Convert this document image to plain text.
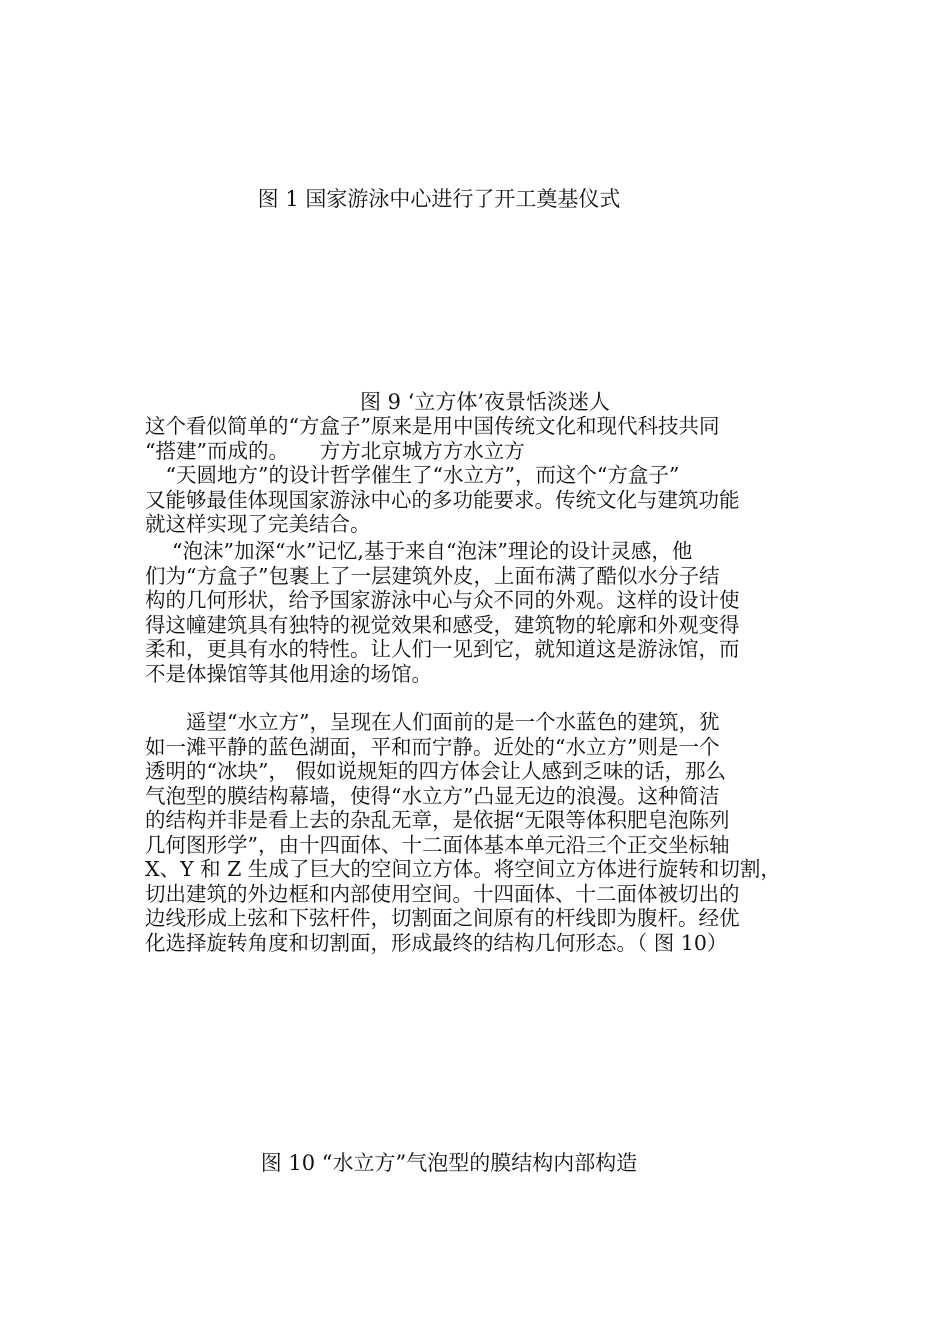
图 1 国家游泳中心进行了开工奠基仪式
图 9 ‘立方体’夜景恬淡迷人
这个看似简单的“方盒子”原来是用中国传统文化和现代科技共同
“搭建”而成的。　　方方北京城方方水立方
　“天圆地方”的设计哲学催生了“水立方”，而这个“方盒子”
又能够最佳体现国家游泳中心的多功能要求。传统文化与建筑功能
就这样实现了完美结合。
　 “泡沫”加深“水”记忆,基于来自“泡沫”理论的设计灵感，他
们为“方盒子”包裹上了一层建筑外皮，上面布满了酷似水分子结
构的几何形状，给予国家游泳中心与众不同的外观。这样的设计使
得这幢建筑具有独特的视觉效果和感受，建筑物的轮廓和外观变得
柔和，更具有水的特性。让人们一见到它，就知道这是游泳馆，而
不是体操馆等其他用途的场馆。
　　遥望“水立方”，呈现在人们面前的是一个水蓝色的建筑，犹
如一滩平静的蓝色湖面，平和而宁静。近处的“水立方”则是一个
透明的“冰块”， 假如说规矩的四方体会让人感到乏味的话，那么
气泡型的膜结构幕墙，使得“水立方”凸显无边的浪漫。这种简洁
的结构并非是看上去的杂乱无章，是依据“无限等体积肥皂泡陈列
几何图形学”，由十四面体、十二面体基本单元沿三个正交坐标轴
X、Y 和 Z 生成了巨大的空间立方体。将空间立方体进行旋转和切割，
切出建筑的外边框和内部使用空间。十四面体、十二面体被切出的
边线形成上弦和下弦杆件，切割面之间原有的杆线即为腹杆。经优
化选择旋转角度和切割面，形成最终的结构几何形态。（ 图 10）
图 10 “水立方”气泡型的膜结构内部构造
